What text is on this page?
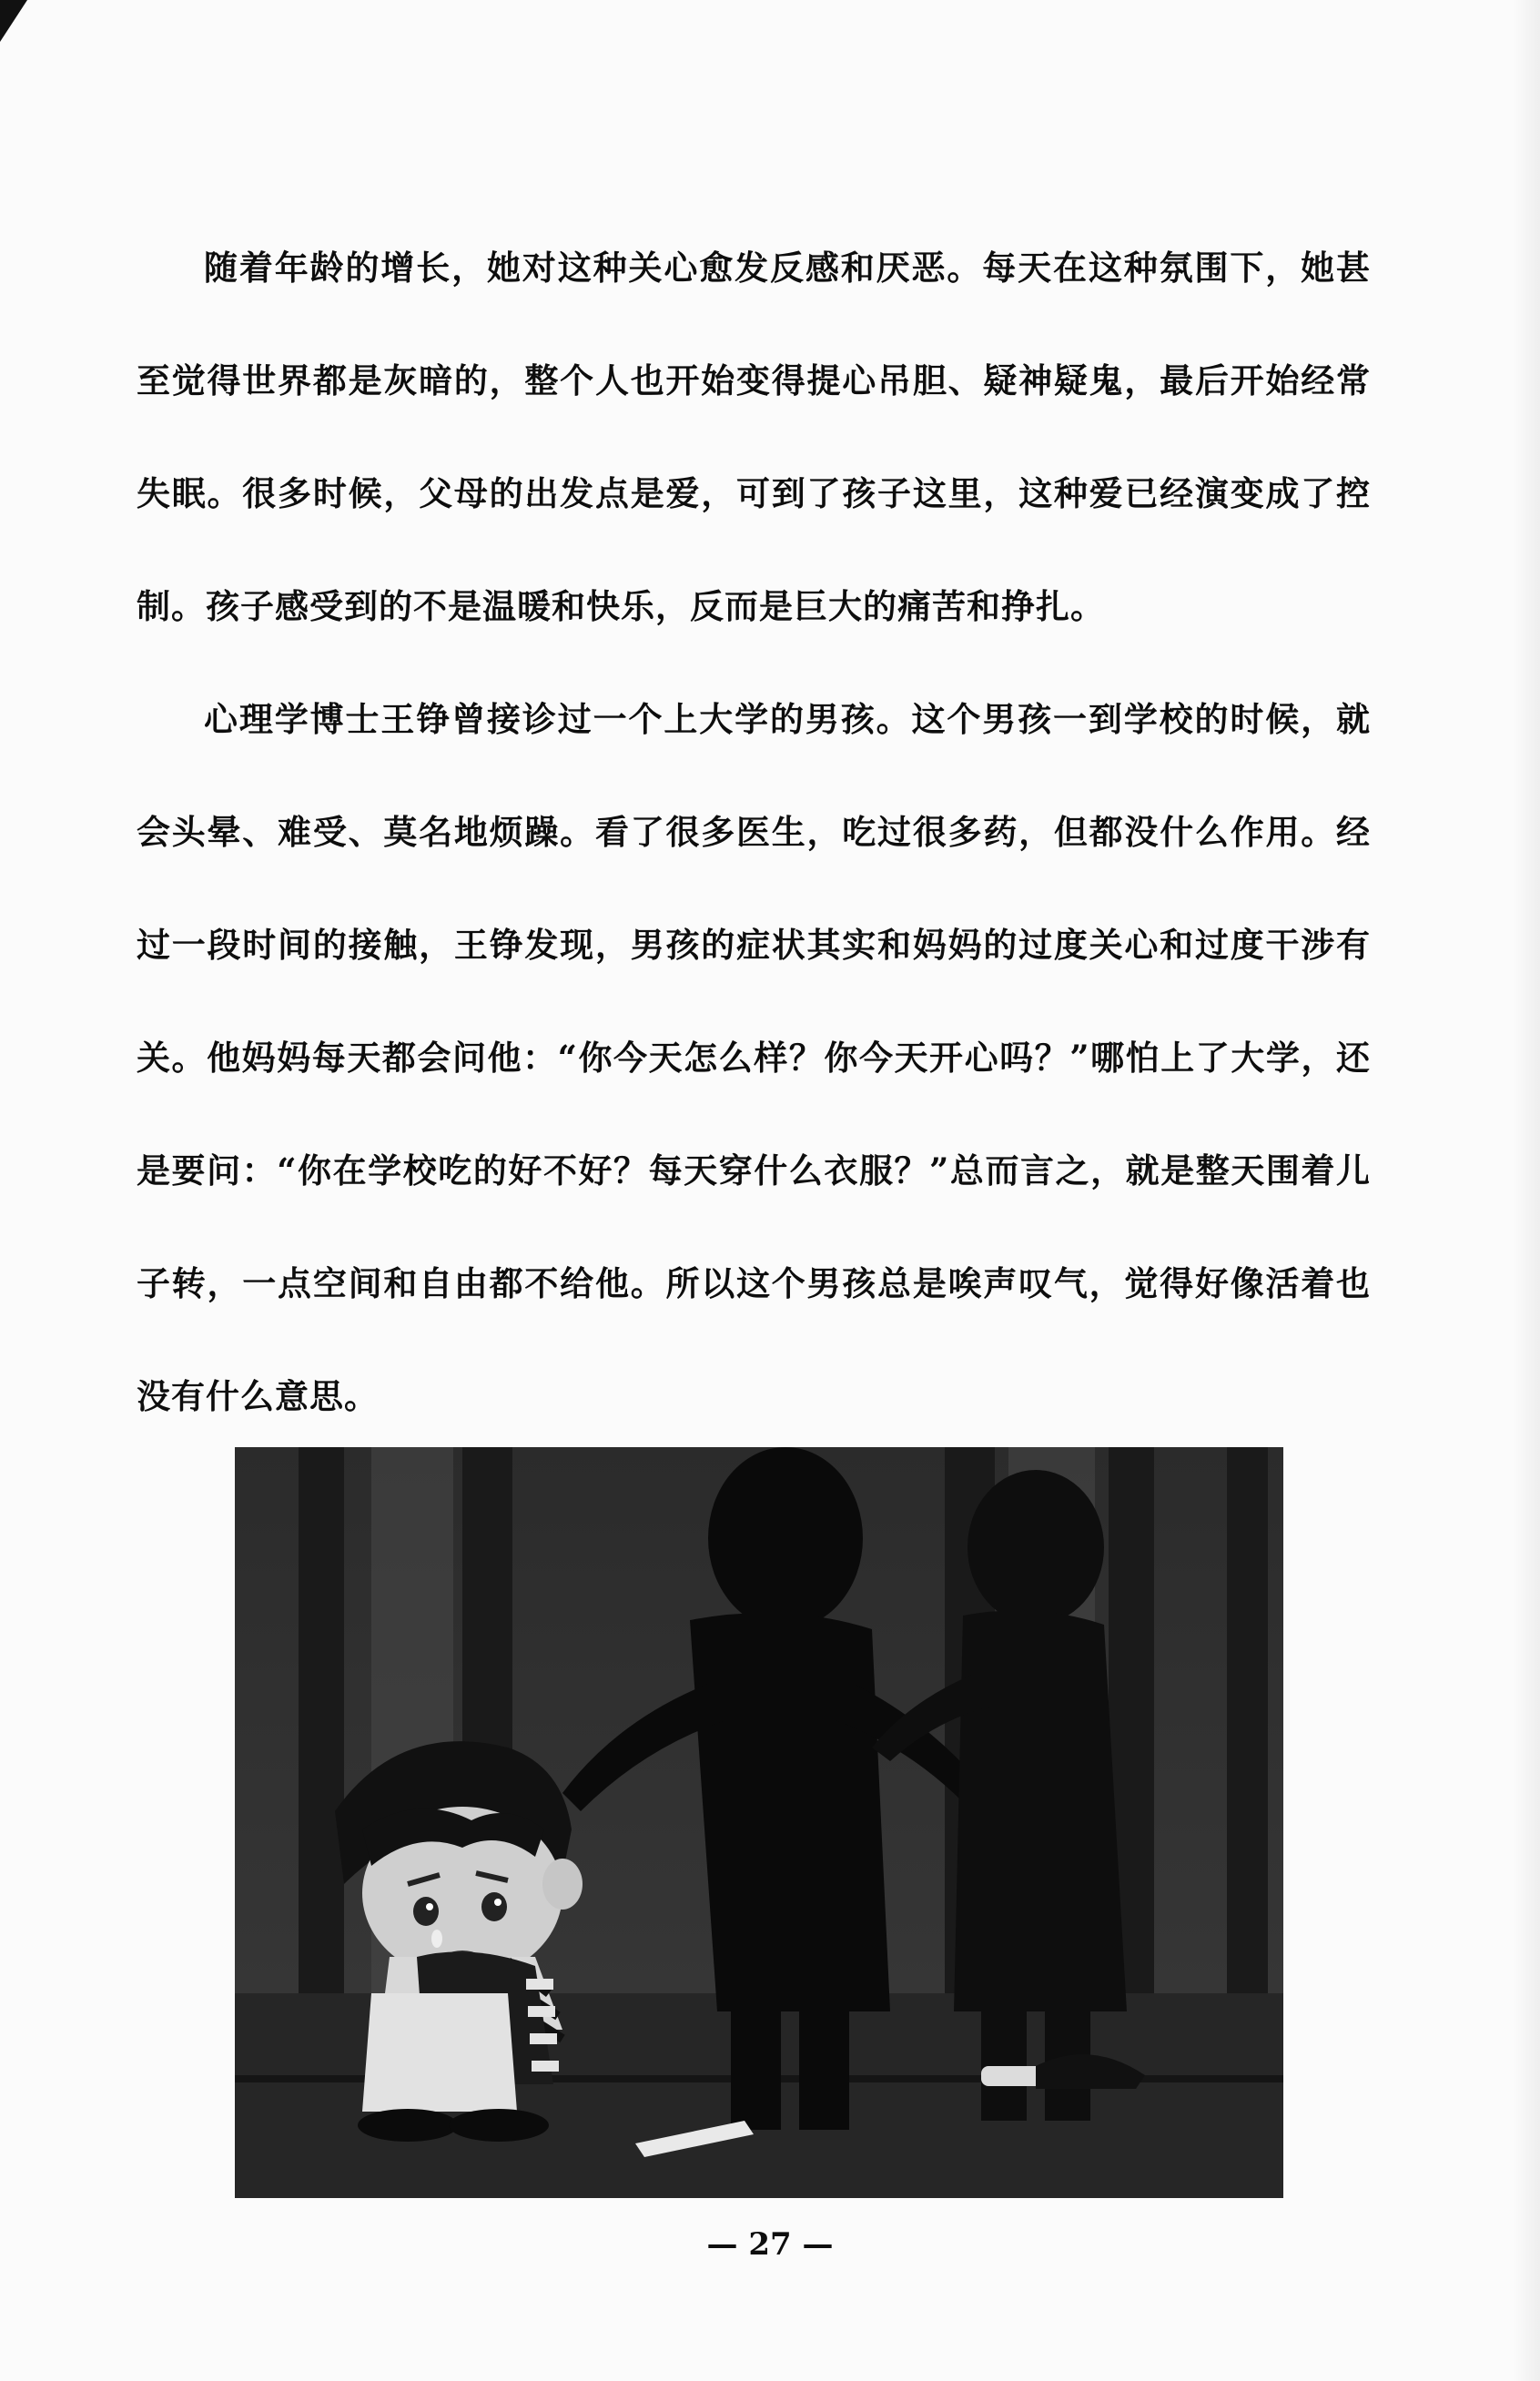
随着年龄的增长，她对这种关心愈发反感和厌恶。每天在这种氛围下，她甚至觉得世界都是灰暗的，整个人也开始变得提心吊胆、疑神疑鬼，最后开始经常失眠。很多时候，父母的出发点是爱，可到了孩子这里，这种爱已经演变成了控制。孩子感受到的不是温暖和快乐，反而是巨大的痛苦和挣扎。

心理学博士王铮曾接诊过一个上大学的男孩。这个男孩一到学校的时候，就会头晕、难受、莫名地烦躁。看了很多医生，吃过很多药，但都没什么作用。经过一段时间的接触，王铮发现，男孩的症状其实和妈妈的过度关心和过度干涉有关。他妈妈每天都会问他：“你今天怎么样？你今天开心吗？”哪怕上了大学，还是要问：“你在学校吃的好不好？每天穿什么衣服？”总而言之，就是整天围着儿子转，一点空间和自由都不给他。所以这个男孩总是唉声叹气，觉得好像活着也没有什么意思。

— 27 —
